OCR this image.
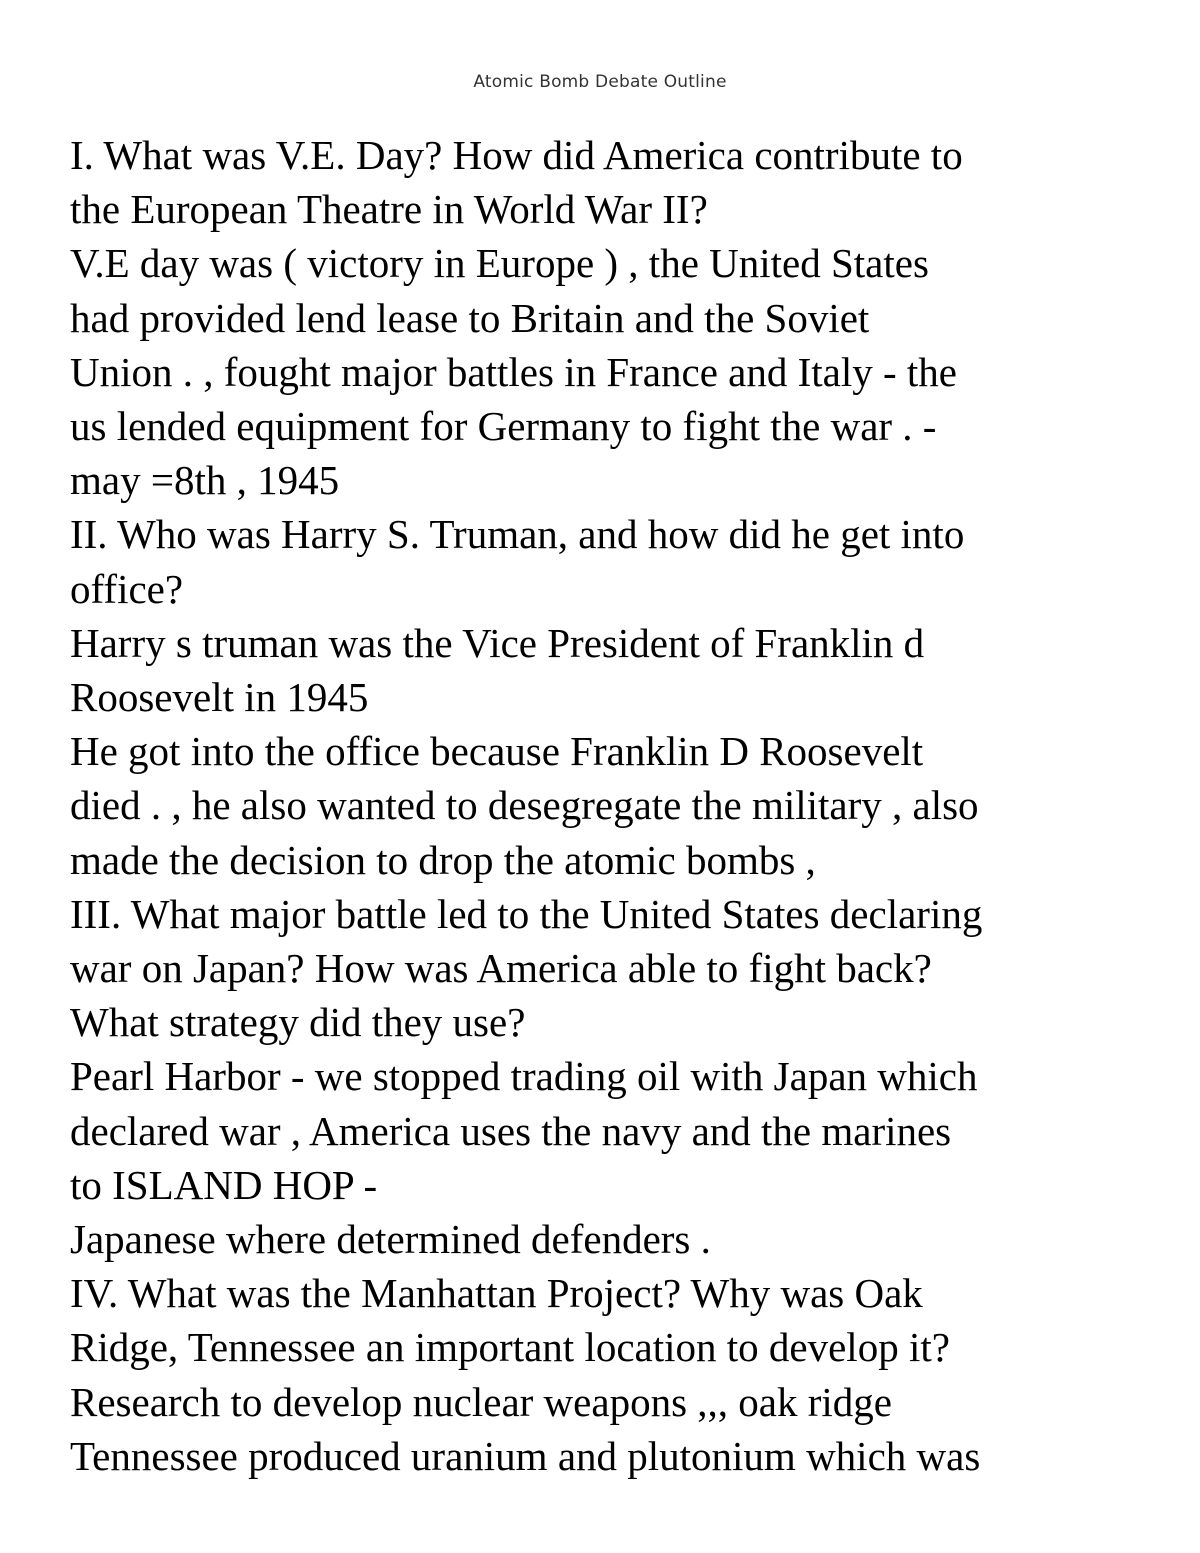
Atomic Bomb Debate Outline
I. What was V.E. Day? How did America contribute to
the European Theatre in World War II?
V.E day was ( victory in Europe ) , the United States
had provided lend lease to Britain and the Soviet
Union . , fought major battles in France and Italy - the
us lended equipment for Germany to fight the war . -
may =8th , 1945
II. Who was Harry S. Truman, and how did he get into
office?
Harry s truman was the Vice President of Franklin d
Roosevelt in 1945
He got into the office because Franklin D Roosevelt
died . , he also wanted to desegregate the military , also
made the decision to drop the atomic bombs ,
III. What major battle led to the United States declaring
war on Japan? How was America able to fight back?
What strategy did they use?
Pearl Harbor - we stopped trading oil with Japan which
declared war , America uses the navy and the marines
to ISLAND HOP -
Japanese where determined defenders .
IV. What was the Manhattan Project? Why was Oak
Ridge, Tennessee an important location to develop it?
Research to develop nuclear weapons ,,, oak ridge
Tennessee produced uranium and plutonium which was
